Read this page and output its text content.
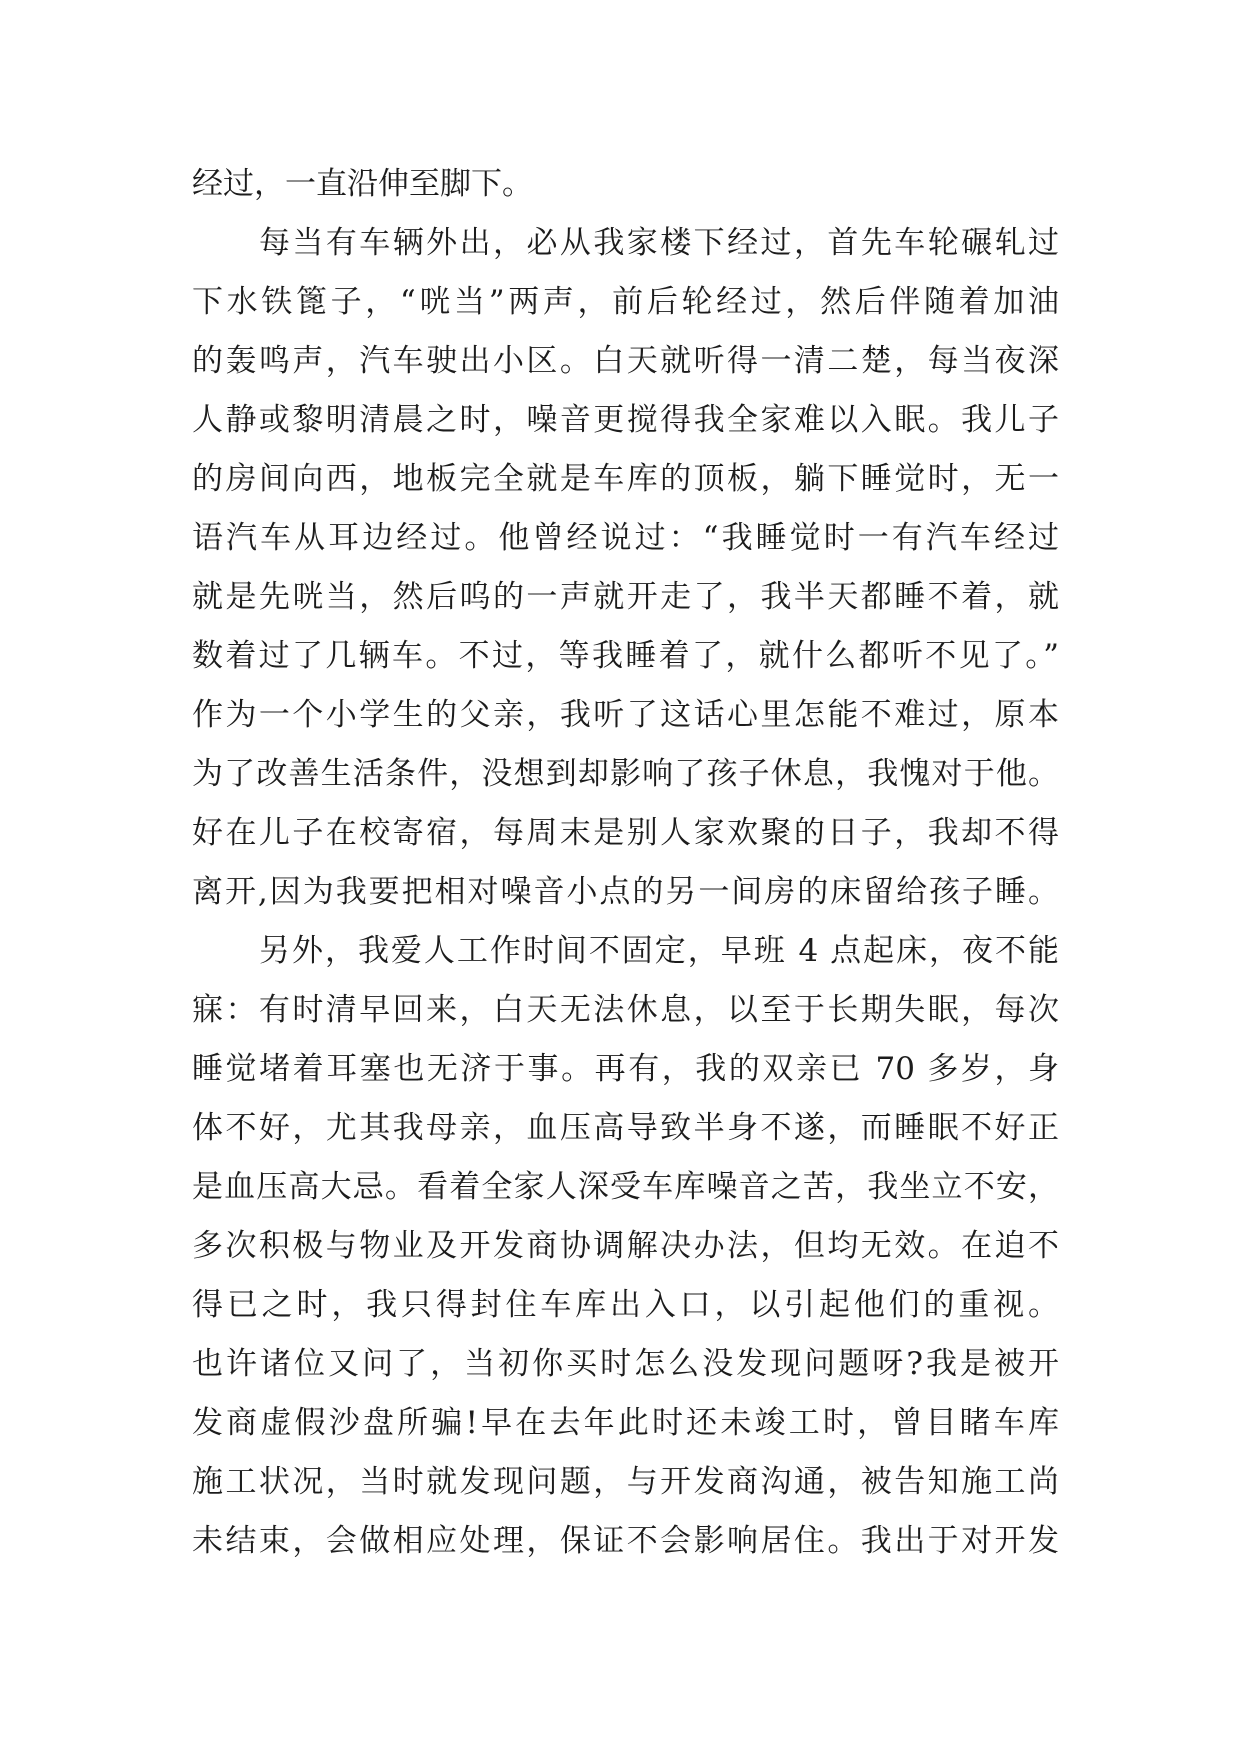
经过，一直沿伸至脚下。
每当有车辆外出，必从我家楼下经过，首先车轮碾轧过
下水铁篦子，“咣当”两声，前后轮经过，然后伴随着加油
的轰鸣声，汽车驶出小区。白天就听得一清二楚，每当夜深
人静或黎明清晨之时，噪音更搅得我全家难以入眠。我儿子
的房间向西，地板完全就是车库的顶板，躺下睡觉时，无一
语汽车从耳边经过。他曾经说过：“我睡觉时一有汽车经过
就是先咣当，然后呜的一声就开走了，我半天都睡不着，就
数着过了几辆车。不过，等我睡着了，就什么都听不见了。”
作为一个小学生的父亲，我听了这话心里怎能不难过，原本
为了改善生活条件，没想到却影响了孩子休息，我愧对于他。
好在儿子在校寄宿，每周末是别人家欢聚的日子，我却不得
离开,因为我要把相对噪音小点的另一间房的床留给孩子睡。
另外，我爱人工作时间不固定，早班 4 点起床，夜不能
寐：有时清早回来，白天无法休息，以至于长期失眠，每次
睡觉堵着耳塞也无济于事。再有，我的双亲已 70 多岁，身
体不好，尤其我母亲，血压高导致半身不遂，而睡眠不好正
是血压高大忌。看着全家人深受车库噪音之苦，我坐立不安，
多次积极与物业及开发商协调解决办法，但均无效。在迫不
得已之时，我只得封住车库出入口，以引起他们的重视。
也许诸位又问了，当初你买时怎么没发现问题呀?我是被开
发商虚假沙盘所骗!早在去年此时还未竣工时，曾目睹车库
施工状况，当时就发现问题，与开发商沟通，被告知施工尚
未结束，会做相应处理，保证不会影响居住。我出于对开发
